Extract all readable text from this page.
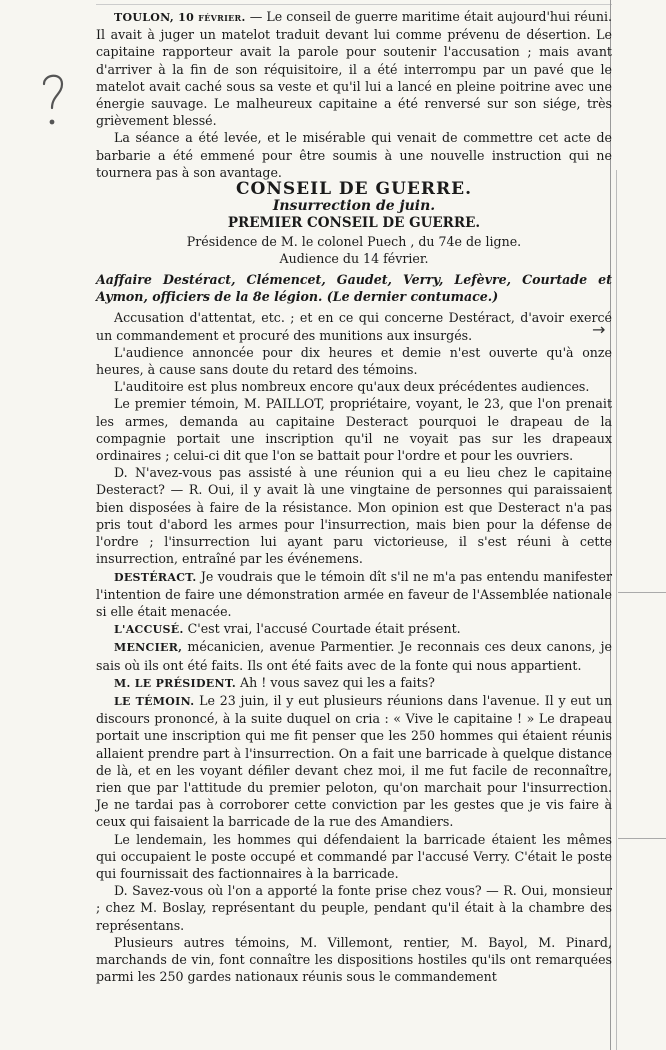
→

TOULON, 10 février. — Le conseil de guerre maritime était aujourd'hui réuni. Il avait à juger un matelot traduit devant lui comme prévenu de désertion. Le capitaine rapporteur avait la parole pour soutenir l'accusation ; mais avant d'arriver à la fin de son réquisitoire, il a été interrompu par un pavé que le matelot avait caché sous sa veste et qu'il lui a lancé en pleine poitrine avec une énergie sauvage. Le malheureux capitaine a été renversé sur son siége, très grièvement blessé.

La séance a été levée, et le misérable qui venait de commettre cet acte de barbarie a été emmené pour être soumis à une nouvelle instruction qui ne tournera pas à son avantage.

CONSEIL DE GUERRE.

Insurrection de juin.

PREMIER CONSEIL DE GUERRE.

Présidence de M. le colonel Puech , du 74e de ligne.

Audience du 14 février.

Aaffaire Destéract, Clémencet, Gaudet, Verry, Lefèvre, Courtade et Aymon, officiers de la 8e légion. (Le dernier contumace.)

Accusation d'attentat, etc. ; et en ce qui concerne Destéract, d'avoir exercé un commandement et procuré des munitions aux insurgés.

L'audience annoncée pour dix heures et demie n'est ouverte qu'à onze heures, à cause sans doute du retard des témoins.

L'auditoire est plus nombreux encore qu'aux deux précédentes audiences.

Le premier témoin, M. PAILLOT, propriétaire, voyant, le 23, que l'on prenait les armes, demanda au capitaine Desteract pourquoi le drapeau de la compagnie portait une inscription qu'il ne voyait pas sur les drapeaux ordinaires ; celui-ci dit que l'on se battait pour l'ordre et pour les ouvriers.

D. N'avez-vous pas assisté à une réunion qui a eu lieu chez le capitaine Desteract? — R. Oui, il y avait là une vingtaine de personnes qui paraissaient bien disposées à faire de la résistance. Mon opinion est que Desteract n'a pas pris tout d'abord les armes pour l'insurrection, mais bien pour la défense de l'ordre ; l'insurrection lui ayant paru victorieuse, il s'est réuni à cette insurrection, entraîné par les événemens.

DESTÉRACT. Je voudrais que le témoin dît s'il ne m'a pas entendu manifester l'intention de faire une démonstration armée en faveur de l'Assemblée nationale si elle était menacée.

L'ACCUSÉ. C'est vrai, l'accusé Courtade était présent.

MENCIER, mécanicien, avenue Parmentier. Je reconnais ces deux canons, je sais où ils ont été faits. Ils ont été faits avec de la fonte qui nous appartient.

M. LE PRÉSIDENT. Ah ! vous savez qui les a faits?

LE TÉMOIN. Le 23 juin, il y eut plusieurs réunions dans l'avenue. Il y eut un discours prononcé, à la suite duquel on cria : « Vive le capitaine ! » Le drapeau portait une inscription qui me fit penser que les 250 hommes qui étaient réunis allaient prendre part à l'insurrection. On a fait une barricade à quelque distance de là, et en les voyant défiler devant chez moi, il me fut facile de reconnaître, rien que par l'attitude du premier peloton, qu'on marchait pour l'insurrection. Je ne tardai pas à corroborer cette conviction par les gestes que je vis faire à ceux qui faisaient la barricade de la rue des Amandiers.

Le lendemain, les hommes qui défendaient la barricade étaient les mêmes qui occupaient le poste occupé et commandé par l'accusé Verry. C'était le poste qui fournissait des factionnaires à la barricade.

D. Savez-vous où l'on a apporté la fonte prise chez vous? — R. Oui, monsieur ; chez M. Boslay, représentant du peuple, pendant qu'il était à la chambre des représentans.

Plusieurs autres témoins, M. Villemont, rentier, M. Bayol, M. Pinard, marchands de vin, font connaître les dispositions hostiles qu'ils ont remarquées parmi les 250 gardes nationaux réunis sous le commandement
